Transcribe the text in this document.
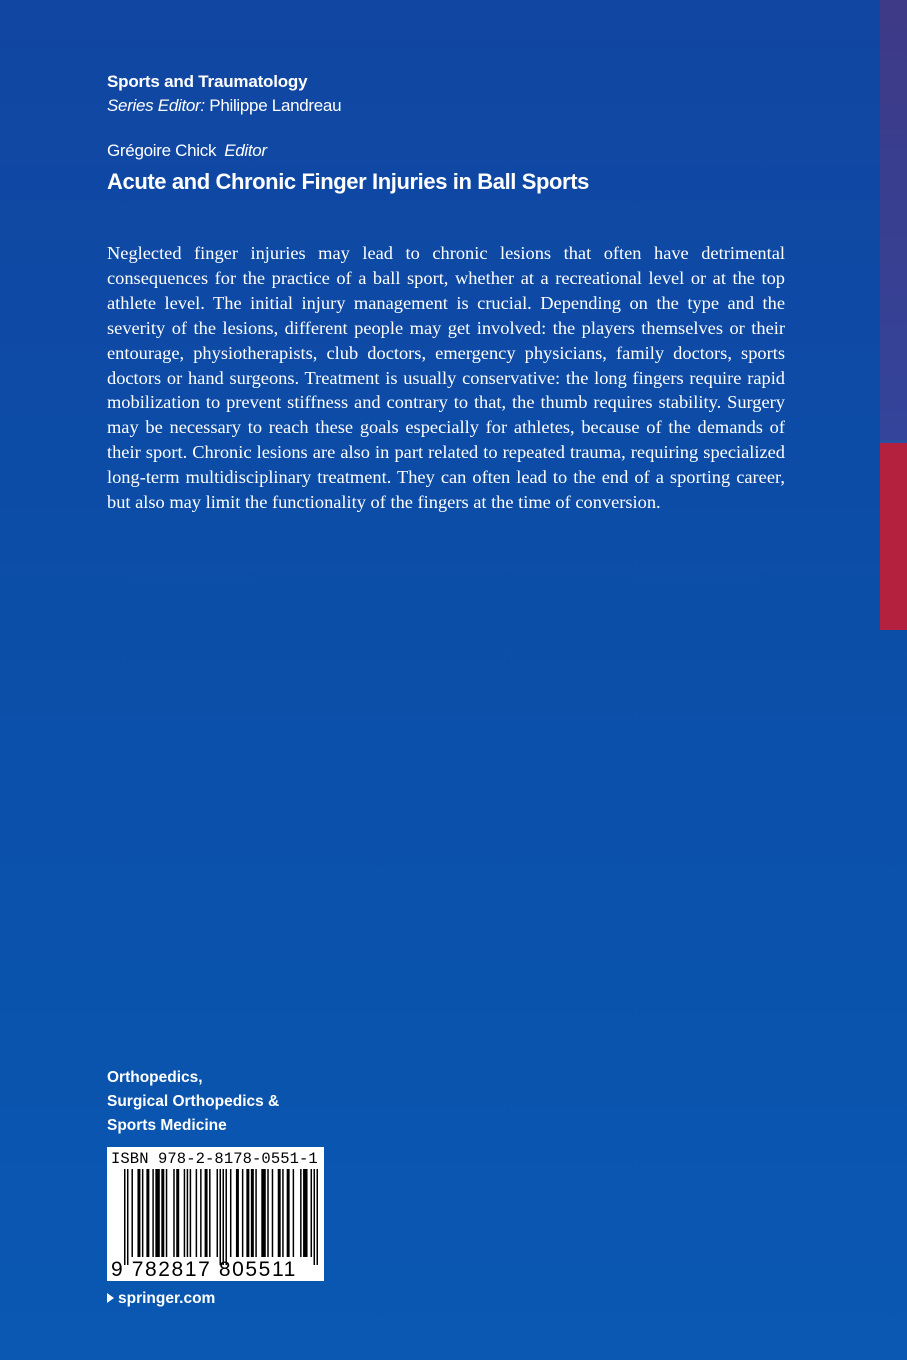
Sports and Traumatology
Series Editor: Philippe Landreau
Grégoire Chick Editor
Acute and Chronic Finger Injuries in Ball Sports

Neglected finger injuries may lead to chronic lesions that often have detrimental consequences for the practice of a ball sport, whether at a recreational level or at the top athlete level. The initial injury management is crucial. Depending on the type and the severity of the lesions, different people may get involved: the players themselves or their entourage, physiotherapists, club doctors, emergency physicians, family doctors, sports doctors or hand surgeons. Treatment is usually conservative: the long fingers require rapid mobilization to prevent stiffness and contrary to that, the thumb requires stability. Surgery may be necessary to reach these goals especially for athletes, because of the demands of their sport. Chronic lesions are also in part related to repeated trauma, requiring specialized long-term multidisciplinary treatment. They can often lead to the end of a sporting career, but also may limit the functionality of the fingers at the time of conversion.

Orthopedics,
Surgical Orthopedics &
Sports Medicine
ISBN 978-2-8178-0551-1
9 782817 805511
springer.com
